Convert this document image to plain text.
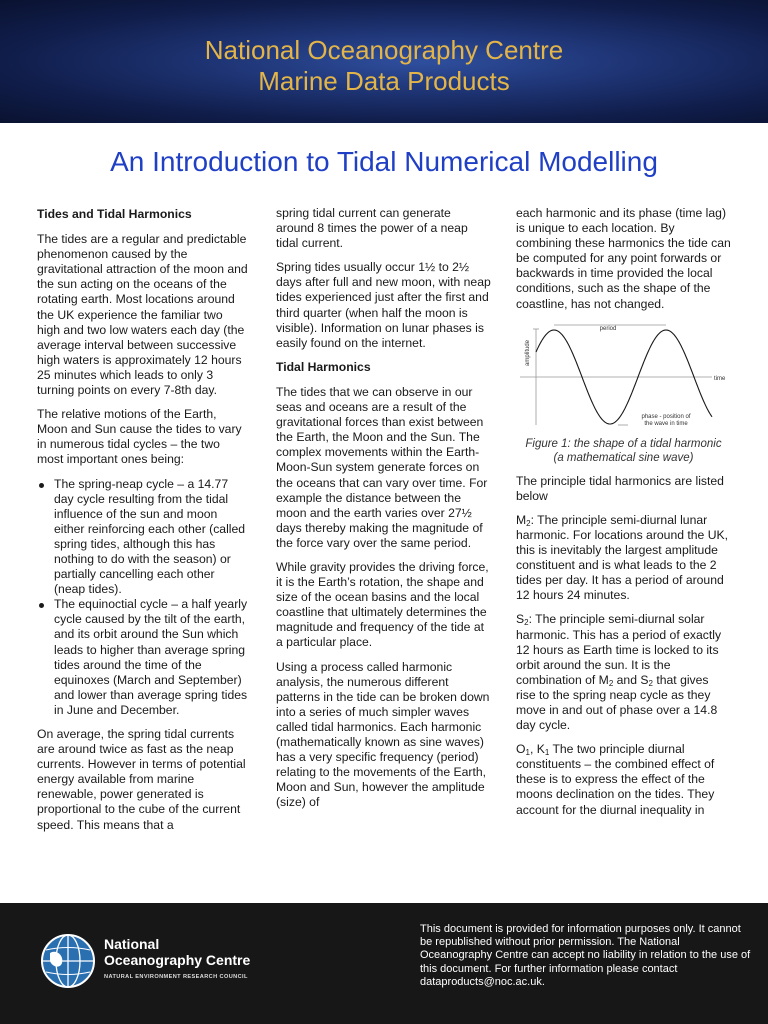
National Oceanography Centre
Marine Data Products
An Introduction to Tidal Numerical Modelling
Tides and Tidal Harmonics

The tides are a regular and predictable phenomenon caused by the gravitational attraction of the moon and the sun acting on the oceans of the rotating earth. Most locations around the UK experience the familiar two high and two low waters each day (the average interval between successive high waters is approximately 12 hours 25 minutes which leads to only 3 turning points on every 7-8th day.

The relative motions of the Earth, Moon and Sun cause the tides to vary in numerous tidal cycles – the two most important ones being:

The spring-neap cycle – a 14.77 day cycle resulting from the tidal influence of the sun and moon either reinforcing each other (called spring tides, although this has nothing to do with the season) or partially cancelling each other (neap tides).
The equinoctial cycle – a half yearly cycle caused by the tilt of the earth, and its orbit around the Sun which leads to higher than average spring tides around the time of the equinoxes (March and September) and lower than average spring tides in June and December.

On average, the spring tidal currents are around twice as fast as the neap currents. However in terms of potential energy available from marine renewable, power generated is proportional to the cube of the current speed. This means that a

spring tidal current can generate around 8 times the power of a neap tidal current.

Spring tides usually occur 1½ to 2½ days after full and new moon, with neap tides experienced just after the first and third quarter (when half the moon is visible). Information on lunar phases is easily found on the internet.

Tidal Harmonics

The tides that we can observe in our seas and oceans are a result of the gravitational forces than exist between the Earth, the Moon and the Sun. The complex movements within the Earth-Moon-Sun system generate forces on the oceans that can vary over time. For example the distance between the moon and the earth varies over 27½ days thereby making the magnitude of the force vary over the same period.

While gravity provides the driving force, it is the Earth’s rotation, the shape and size of the ocean basins and the local coastline that ultimately determines the magnitude and frequency of the tide at a particular place.

Using a process called harmonic analysis, the numerous different patterns in the tide can be broken down into a series of much simpler waves called tidal harmonics. Each harmonic (mathematically known as sine waves) has a very specific frequency (period) relating to the movements of the Earth, Moon and Sun, however the amplitude (size) of

each harmonic and its phase (time lag) is unique to each location. By combining these harmonics the tide can be computed for any point forwards or backwards in time provided the local conditions, such as the shape of the coastline, has not changed.

period
amplitude
time
phase - position of
the wave in time

Figure 1: the shape of a tidal harmonic
(a mathematical sine wave)

The principle tidal harmonics are listed below

$M_2$: The principle semi-diurnal lunar harmonic. For locations around the UK, this is inevitably the largest amplitude constituent and is what leads to the 2 tides per day. It has a period of around 12 hours 24 minutes.

$S_2$: The principle semi-diurnal solar harmonic. This has a period of exactly 12 hours as Earth time is locked to its orbit around the sun. It is the combination of $M_2$ and $S_2$ that gives rise to the spring neap cycle as they move in and out of phase over a 14.8 day cycle.

$O_1$, $K_1$ The two principle diurnal constituents – the combined effect of these is to express the effect of the moons declination on the tides. They account for the diurnal inequality in

National
Oceanography Centre
NATURAL ENVIRONMENT RESEARCH COUNCIL
This document is provided for information purposes only. It cannot be republished without prior permission. The National Oceanography Centre can accept no liability in relation to the use of this document. For further information please contact dataproducts@noc.ac.uk.
